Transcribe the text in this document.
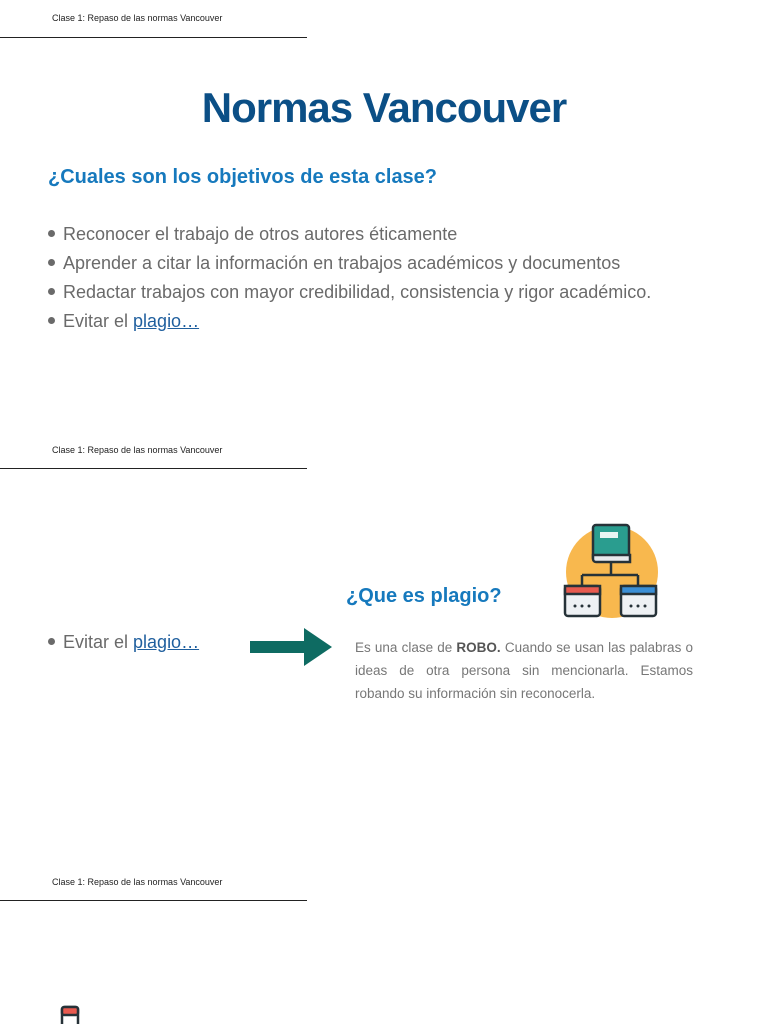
Clase 1: Repaso de las normas Vancouver
Normas Vancouver
¿Cuales son los objetivos de esta clase?
Reconocer el trabajo de otros autores éticamente
Aprender a citar la información en trabajos académicos y documentos
Redactar trabajos con mayor credibilidad, consistencia y rigor académico.
Evitar el plagio…
Clase 1: Repaso de las normas Vancouver
Evitar el plagio…
¿Que es plagio?

Es una clase de ROBO. Cuando se usan las palabras o ideas de otra persona sin mencionarla. Estamos robando su información sin reconocerla.

Clase 1: Repaso de las normas Vancouver
